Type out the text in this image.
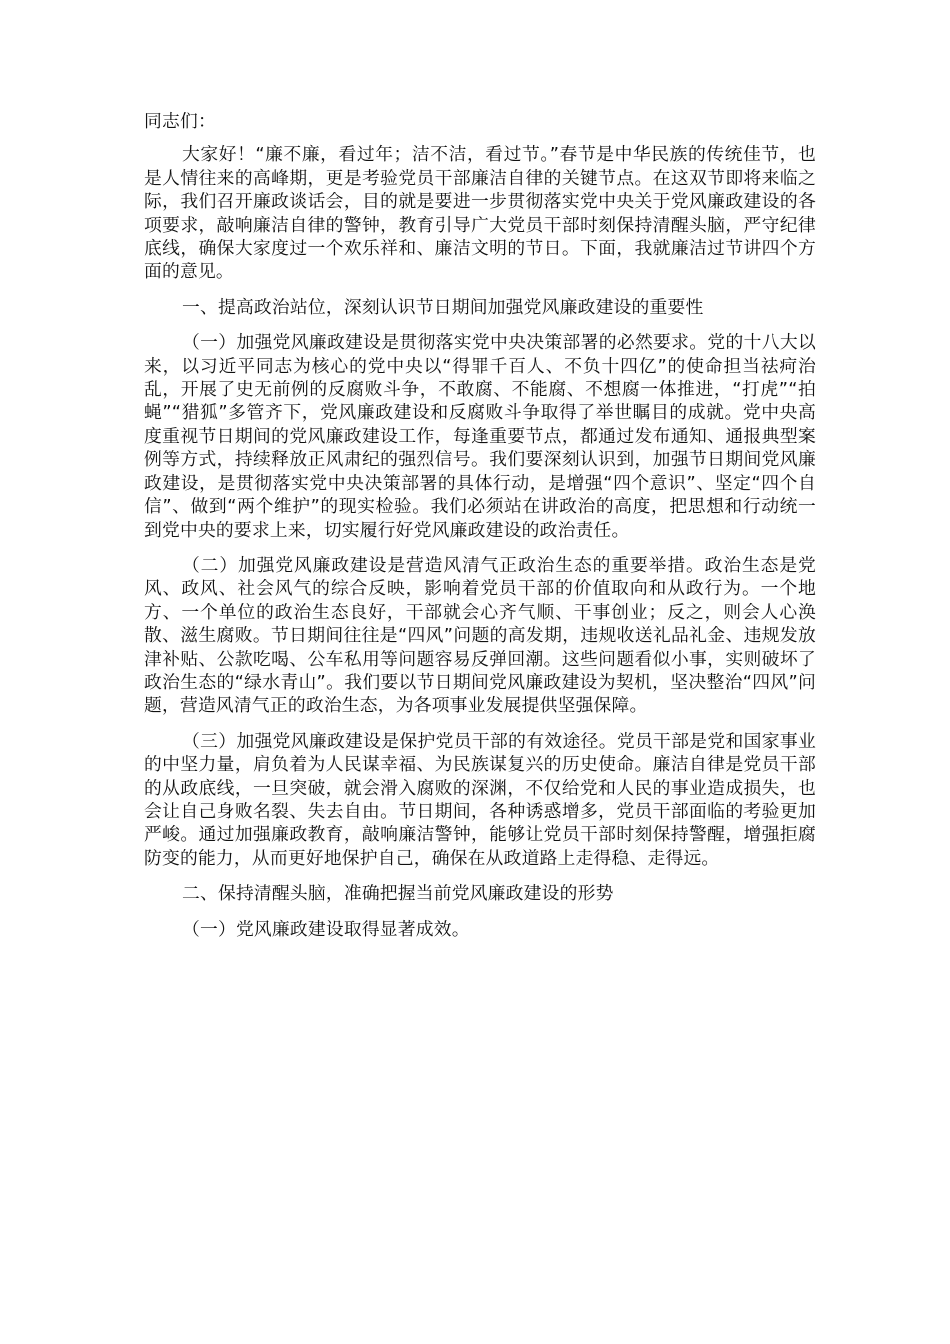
同志们：

大家好！“廉不廉，看过年；洁不洁，看过节。”春节是中华民族的传统佳节，也是人情往来的高峰期，更是考验党员干部廉洁自律的关键节点。在这双节即将来临之际，我们召开廉政谈话会，目的就是要进一步贯彻落实党中央关于党风廉政建设的各项要求，敲响廉洁自律的警钟，教育引导广大党员干部时刻保持清醒头脑，严守纪律底线，确保大家度过一个欢乐祥和、廉洁文明的节日。下面，我就廉洁过节讲四个方面的意见。

一、提高政治站位，深刻认识节日期间加强党风廉政建设的重要性

（一）加强党风廉政建设是贯彻落实党中央决策部署的必然要求。党的十八大以来，以习近平同志为核心的党中央以“得罪千百人、不负十四亿”的使命担当祛疴治乱，开展了史无前例的反腐败斗争，不敢腐、不能腐、不想腐一体推进，“打虎”“拍蝇”“猎狐”多管齐下，党风廉政建设和反腐败斗争取得了举世瞩目的成就。党中央高度重视节日期间的党风廉政建设工作，每逢重要节点，都通过发布通知、通报典型案例等方式，持续释放正风肃纪的强烈信号。我们要深刻认识到，加强节日期间党风廉政建设，是贯彻落实党中央决策部署的具体行动，是增强“四个意识”、坚定“四个自信”、做到“两个维护”的现实检验。我们必须站在讲政治的高度，把思想和行动统一到党中央的要求上来，切实履行好党风廉政建设的政治责任。

（二）加强党风廉政建设是营造风清气正政治生态的重要举措。政治生态是党风、政风、社会风气的综合反映，影响着党员干部的价值取向和从政行为。一个地方、一个单位的政治生态良好，干部就会心齐气顺、干事创业；反之，则会人心涣散、滋生腐败。节日期间往往是“四风”问题的高发期，违规收送礼品礼金、违规发放津补贴、公款吃喝、公车私用等问题容易反弹回潮。这些问题看似小事，实则破坏了政治生态的“绿水青山”。我们要以节日期间党风廉政建设为契机，坚决整治“四风”问题，营造风清气正的政治生态，为各项事业发展提供坚强保障。

（三）加强党风廉政建设是保护党员干部的有效途径。党员干部是党和国家事业的中坚力量，肩负着为人民谋幸福、为民族谋复兴的历史使命。廉洁自律是党员干部的从政底线，一旦突破，就会滑入腐败的深渊，不仅给党和人民的事业造成损失，也会让自己身败名裂、失去自由。节日期间，各种诱惑增多，党员干部面临的考验更加严峻。通过加强廉政教育，敲响廉洁警钟，能够让党员干部时刻保持警醒，增强拒腐防变的能力，从而更好地保护自己，确保在从政道路上走得稳、走得远。

二、保持清醒头脑，准确把握当前党风廉政建设的形势

（一）党风廉政建设取得显著成效。
